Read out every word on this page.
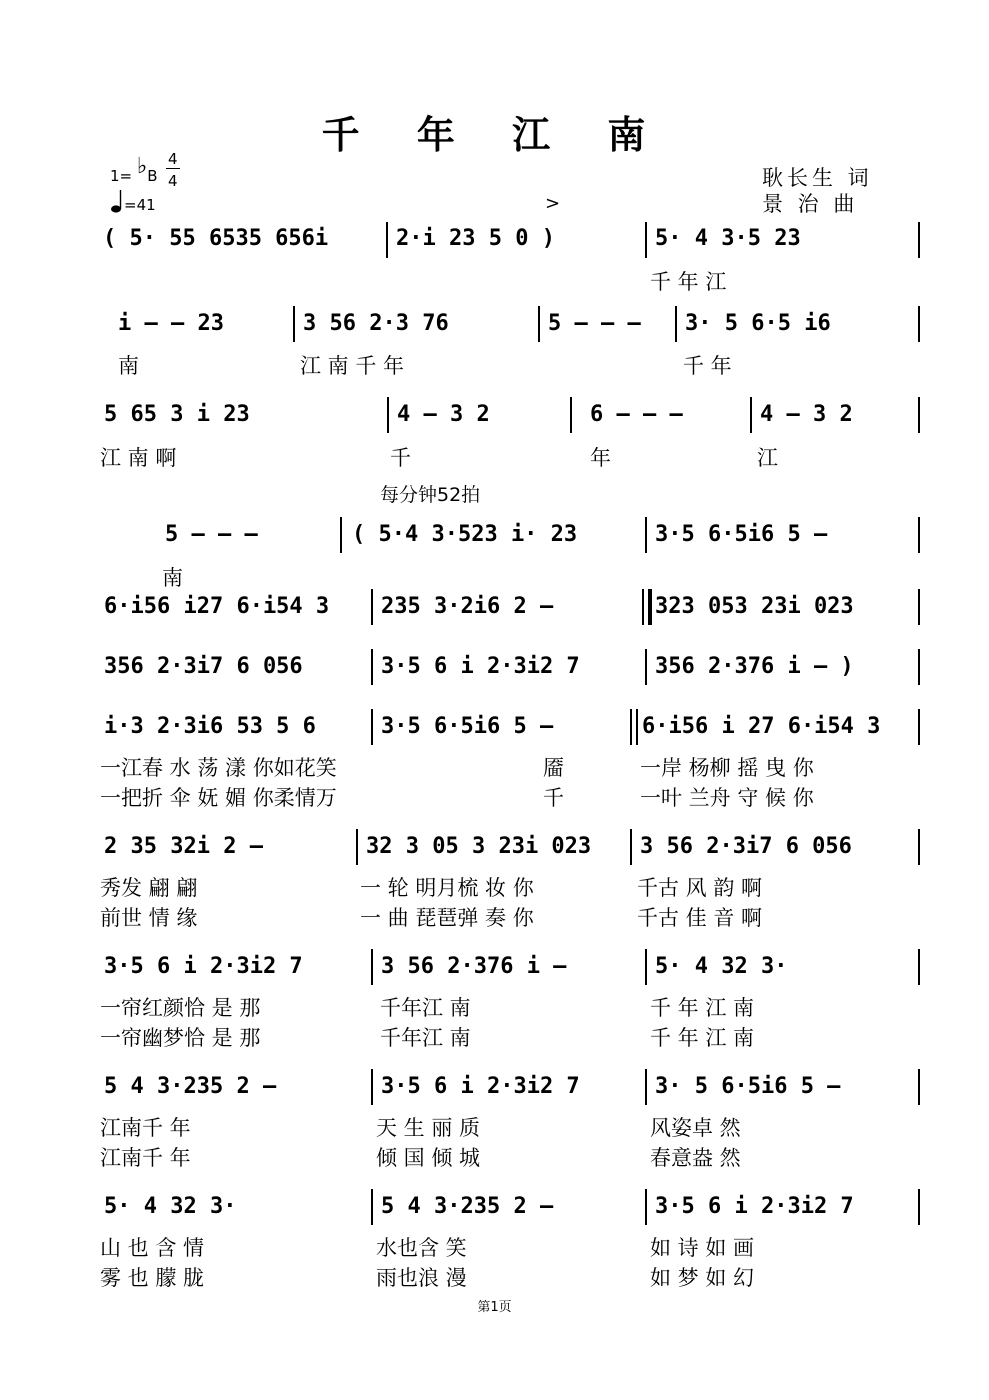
千 年 江 南
1= ♭B
4
4
=41
耿长生 词
景 治 曲
>
( 5· 55 6535 656i	2·i 23 5 0 )	5· 4 3·5 23
千 年 江
i ‒ ‒ 23	3 56 2·3 76	5 ‒ ‒ ‒ 3· 5 6·5 i6
南	江 南 千 年	千 年
5 65 3 i 23	4 ‒ 3 2	6 ‒ ‒ ‒	4 ‒ 3 2
江 南 啊	千	年	江
每分钟52拍
5 ‒ ‒ ‒	( 5·4 3·523 i· 23	3·5 6·5i6 5 ‒
南
6·i56 i27 6·i54 3 235 3·2i6 2 ‒	323 053 23i 023
356 2·3i7 6 056	3·5 6 i 2·3i2 7	356 2·376 i ‒ )
i·3 2·3i6 53 5 6	3·5 6·5i6 5 ‒	6·i56 i 27 6·i54 3
一江春 水 荡 漾 你如花笑	靥	一岸 杨柳 摇 曳 你
一把折 伞 妩 媚 你柔情万	千	一叶 兰舟 守 候 你
2 35 32i 2 ‒	32 3 05 3 23i 023 3 56 2·3i7 6 056
秀发 翩 翩	一 轮 明月梳 妆 你	千古 风 韵 啊
前世 情 缘	一 曲 琵琶弹 奏 你	千古 佳 音 啊
3·5 6 i 2·3i2 7	3 56 2·376 i ‒	5· 4 32 3·
一帘红颜恰 是 那	千年江 南	千 年 江 南
一帘幽梦恰 是 那	千年江 南	千 年 江 南
5 4 3·235 2 ‒	3·5 6 i 2·3i2 7	3· 5 6·5i6 5 ‒
江南千 年	天 生 丽 质	风姿卓 然
江南千 年	倾 国 倾 城	春意盎 然
5· 4 32 3·	5 4 3·235 2 ‒	3·5 6 i 2·3i2 7
山 也 含 情	水也含 笑	如 诗 如 画
雾 也 朦 胧	雨也浪 漫	如 梦 如 幻
第1页
